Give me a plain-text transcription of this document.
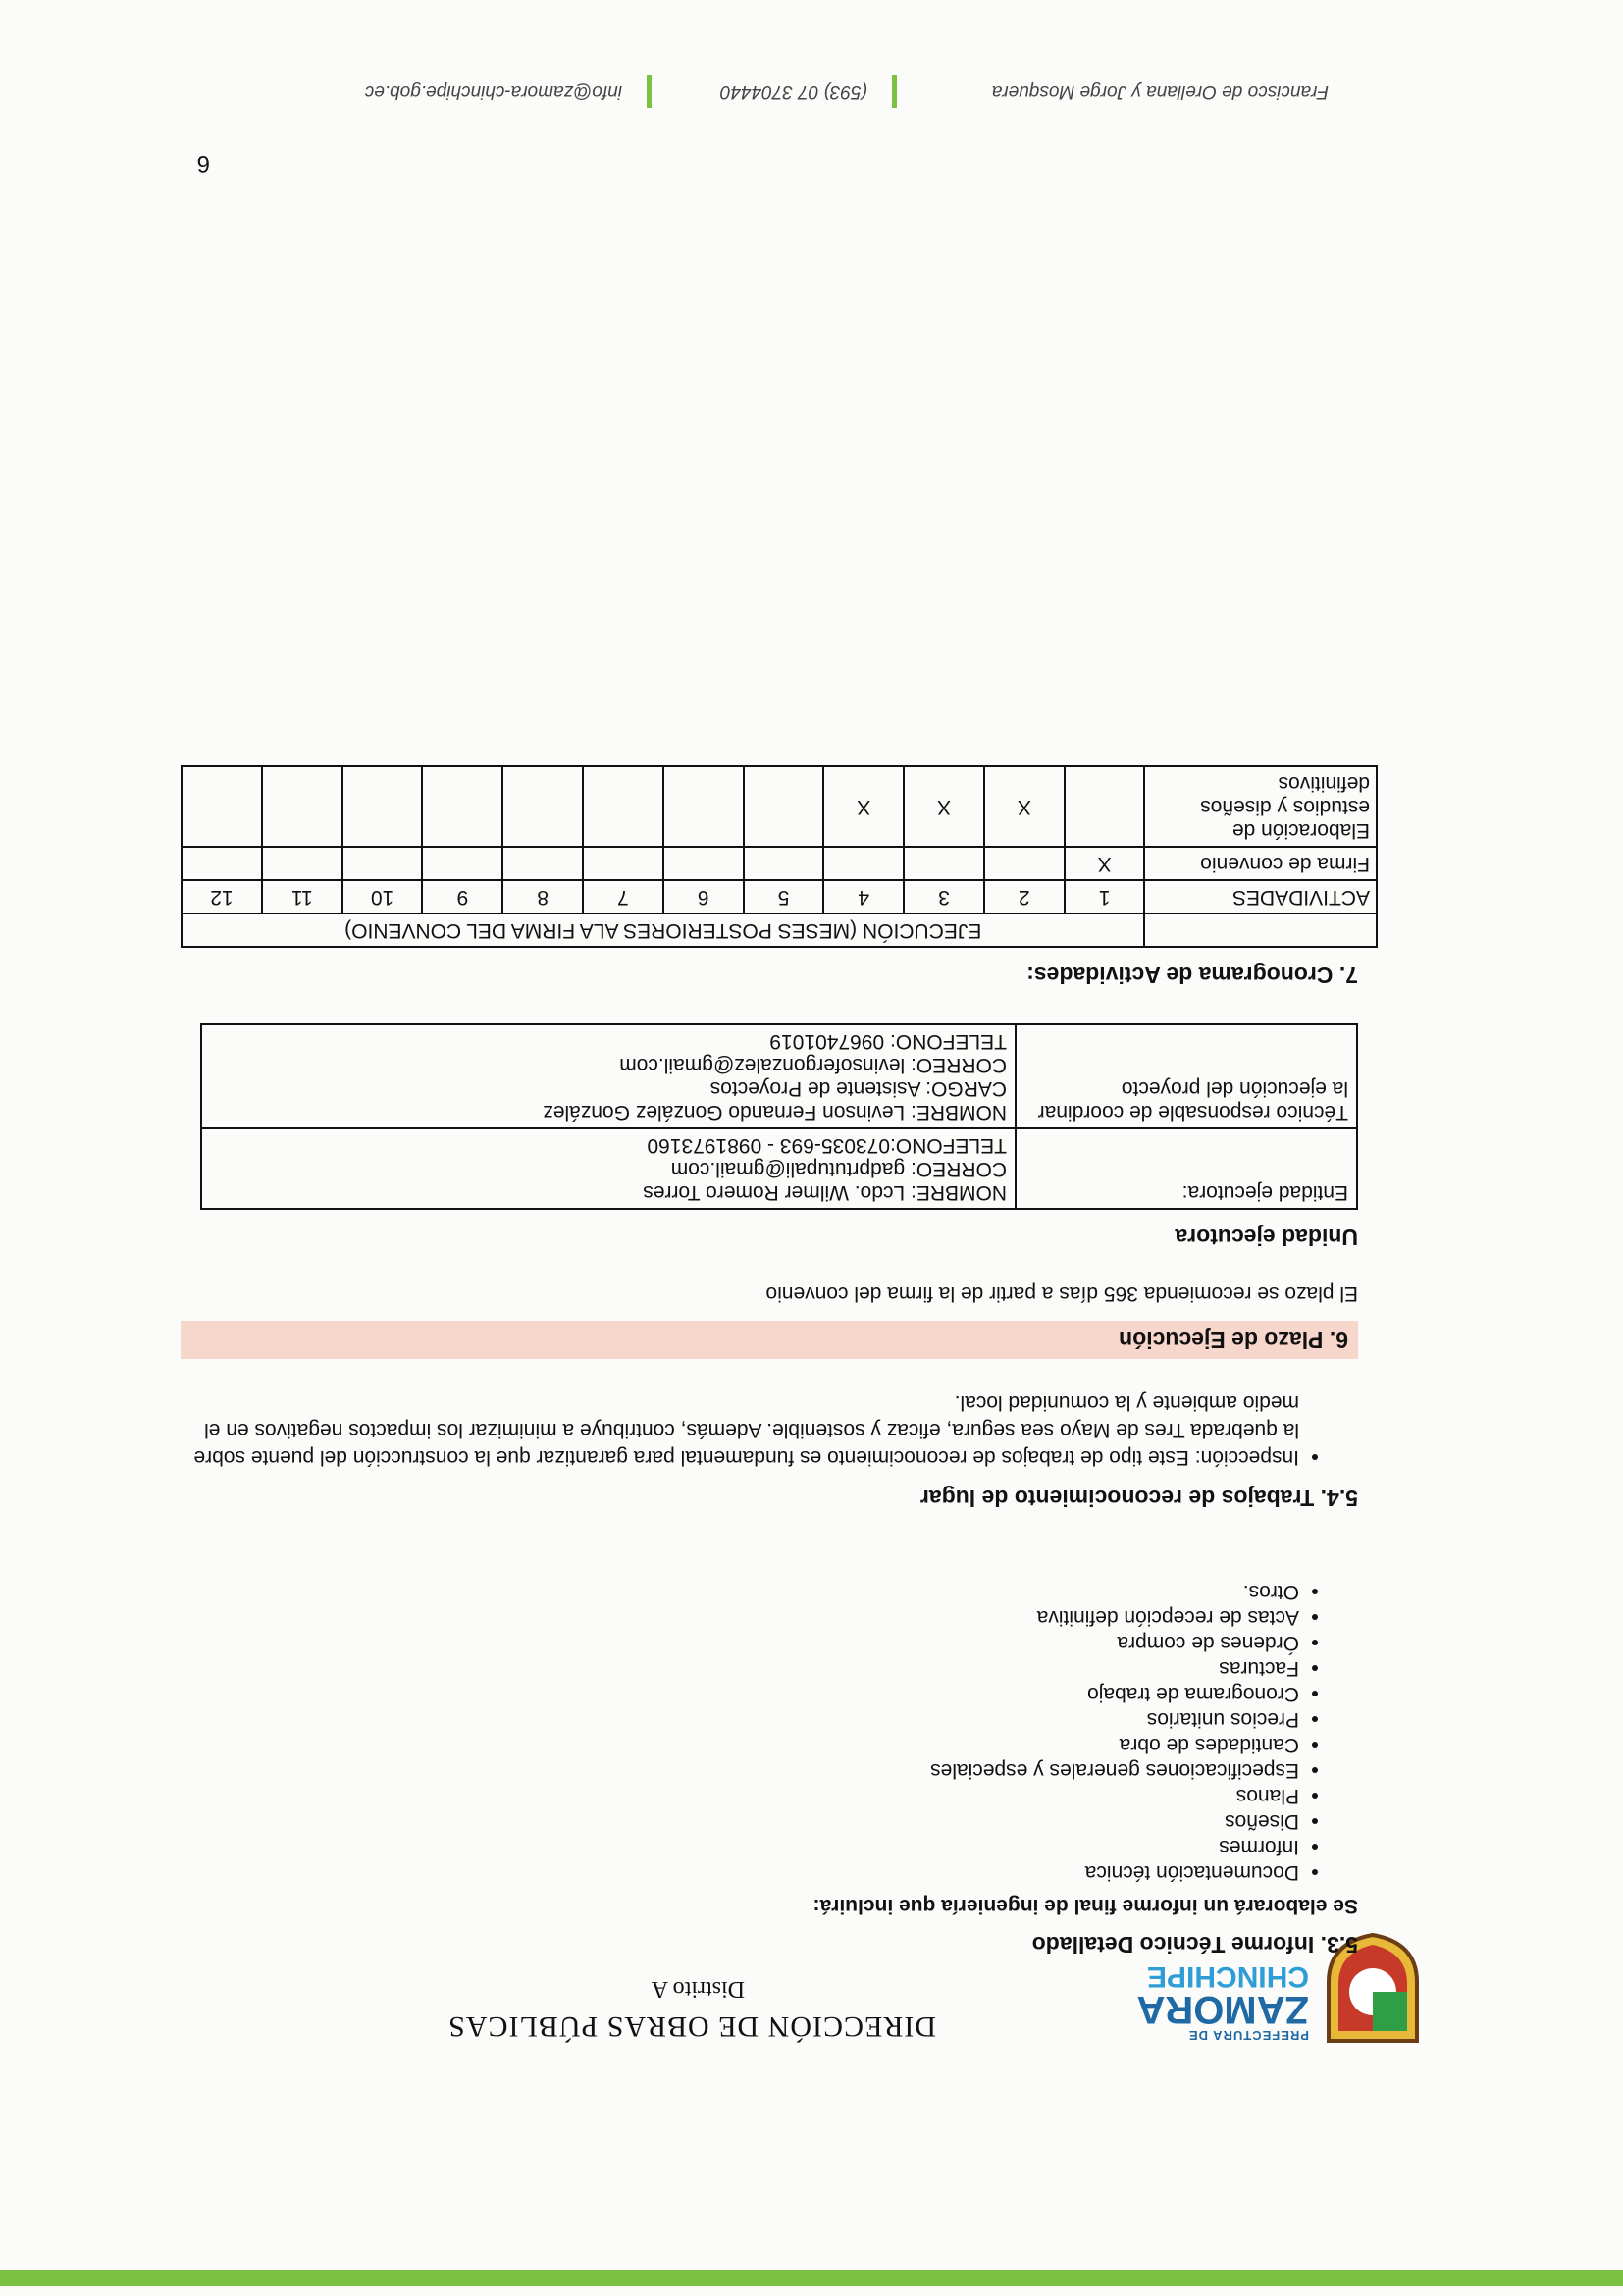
PREFECTURA DE
ZAMORA
CHINCHIPE
DIRECCIÓN DE OBRAS PÚBLICAS
Distrito A
5.3. Informe Técnico Detallado
Se elaborará un informe final de ingeniería que incluirá:
• Documentación técnica
• Informes
• Diseños
• Planos
• Especificaciones generales y especiales
• Cantidades de obra
• Precios unitarios
• Cronograma de trabajo
• Facturas
• Órdenes de compra
• Actas de recepción definitiva
• Otros.
5.4. Trabajos de reconocimiento de lugar
• Inspección: Este tipo de trabajos de reconocimiento es fundamental para garantizar que la construcción del puente sobre la quebrada Tres de Mayo sea segura, eficaz y sostenible. Además, contribuye a minimizar los impactos negativos en el medio ambiente y la comunidad local.
6. Plazo de Ejecución
El plazo se recomienda 365 días a partir de la firma del convenio
Unidad ejecutora
Entidad ejecutora:	NOMBRE: Lcdo. Wilmer Romero Torres
CORREO: gadprtutupali@gmail.com
TELEFONO:073035-693 - 0981973160

Técnico responsable de coordinar la ejecución del proyecto	NOMBRE: Levinson Fernando González González
CARGO: Asistente de Proyectos
CORREO: levinsofergonzalez@gmail.com
TELEFONO: 0967401019
7. Cronograma de Actividades:
	EJECUCIÓN (MESES POSTERIORES ALA FIRMA DEL CONVENIO)											
ACTIVIDADES	1	2	3	4	5	6	7	8	9	10	11	12
Firma de convenio	X											
Elaboración de estudios y diseños definitivos		X	X	X								
6
Francisco de Orellana y Jorge Mosquera
(593) 07 3704440
info@zamora-chinchipe.gob.ec
